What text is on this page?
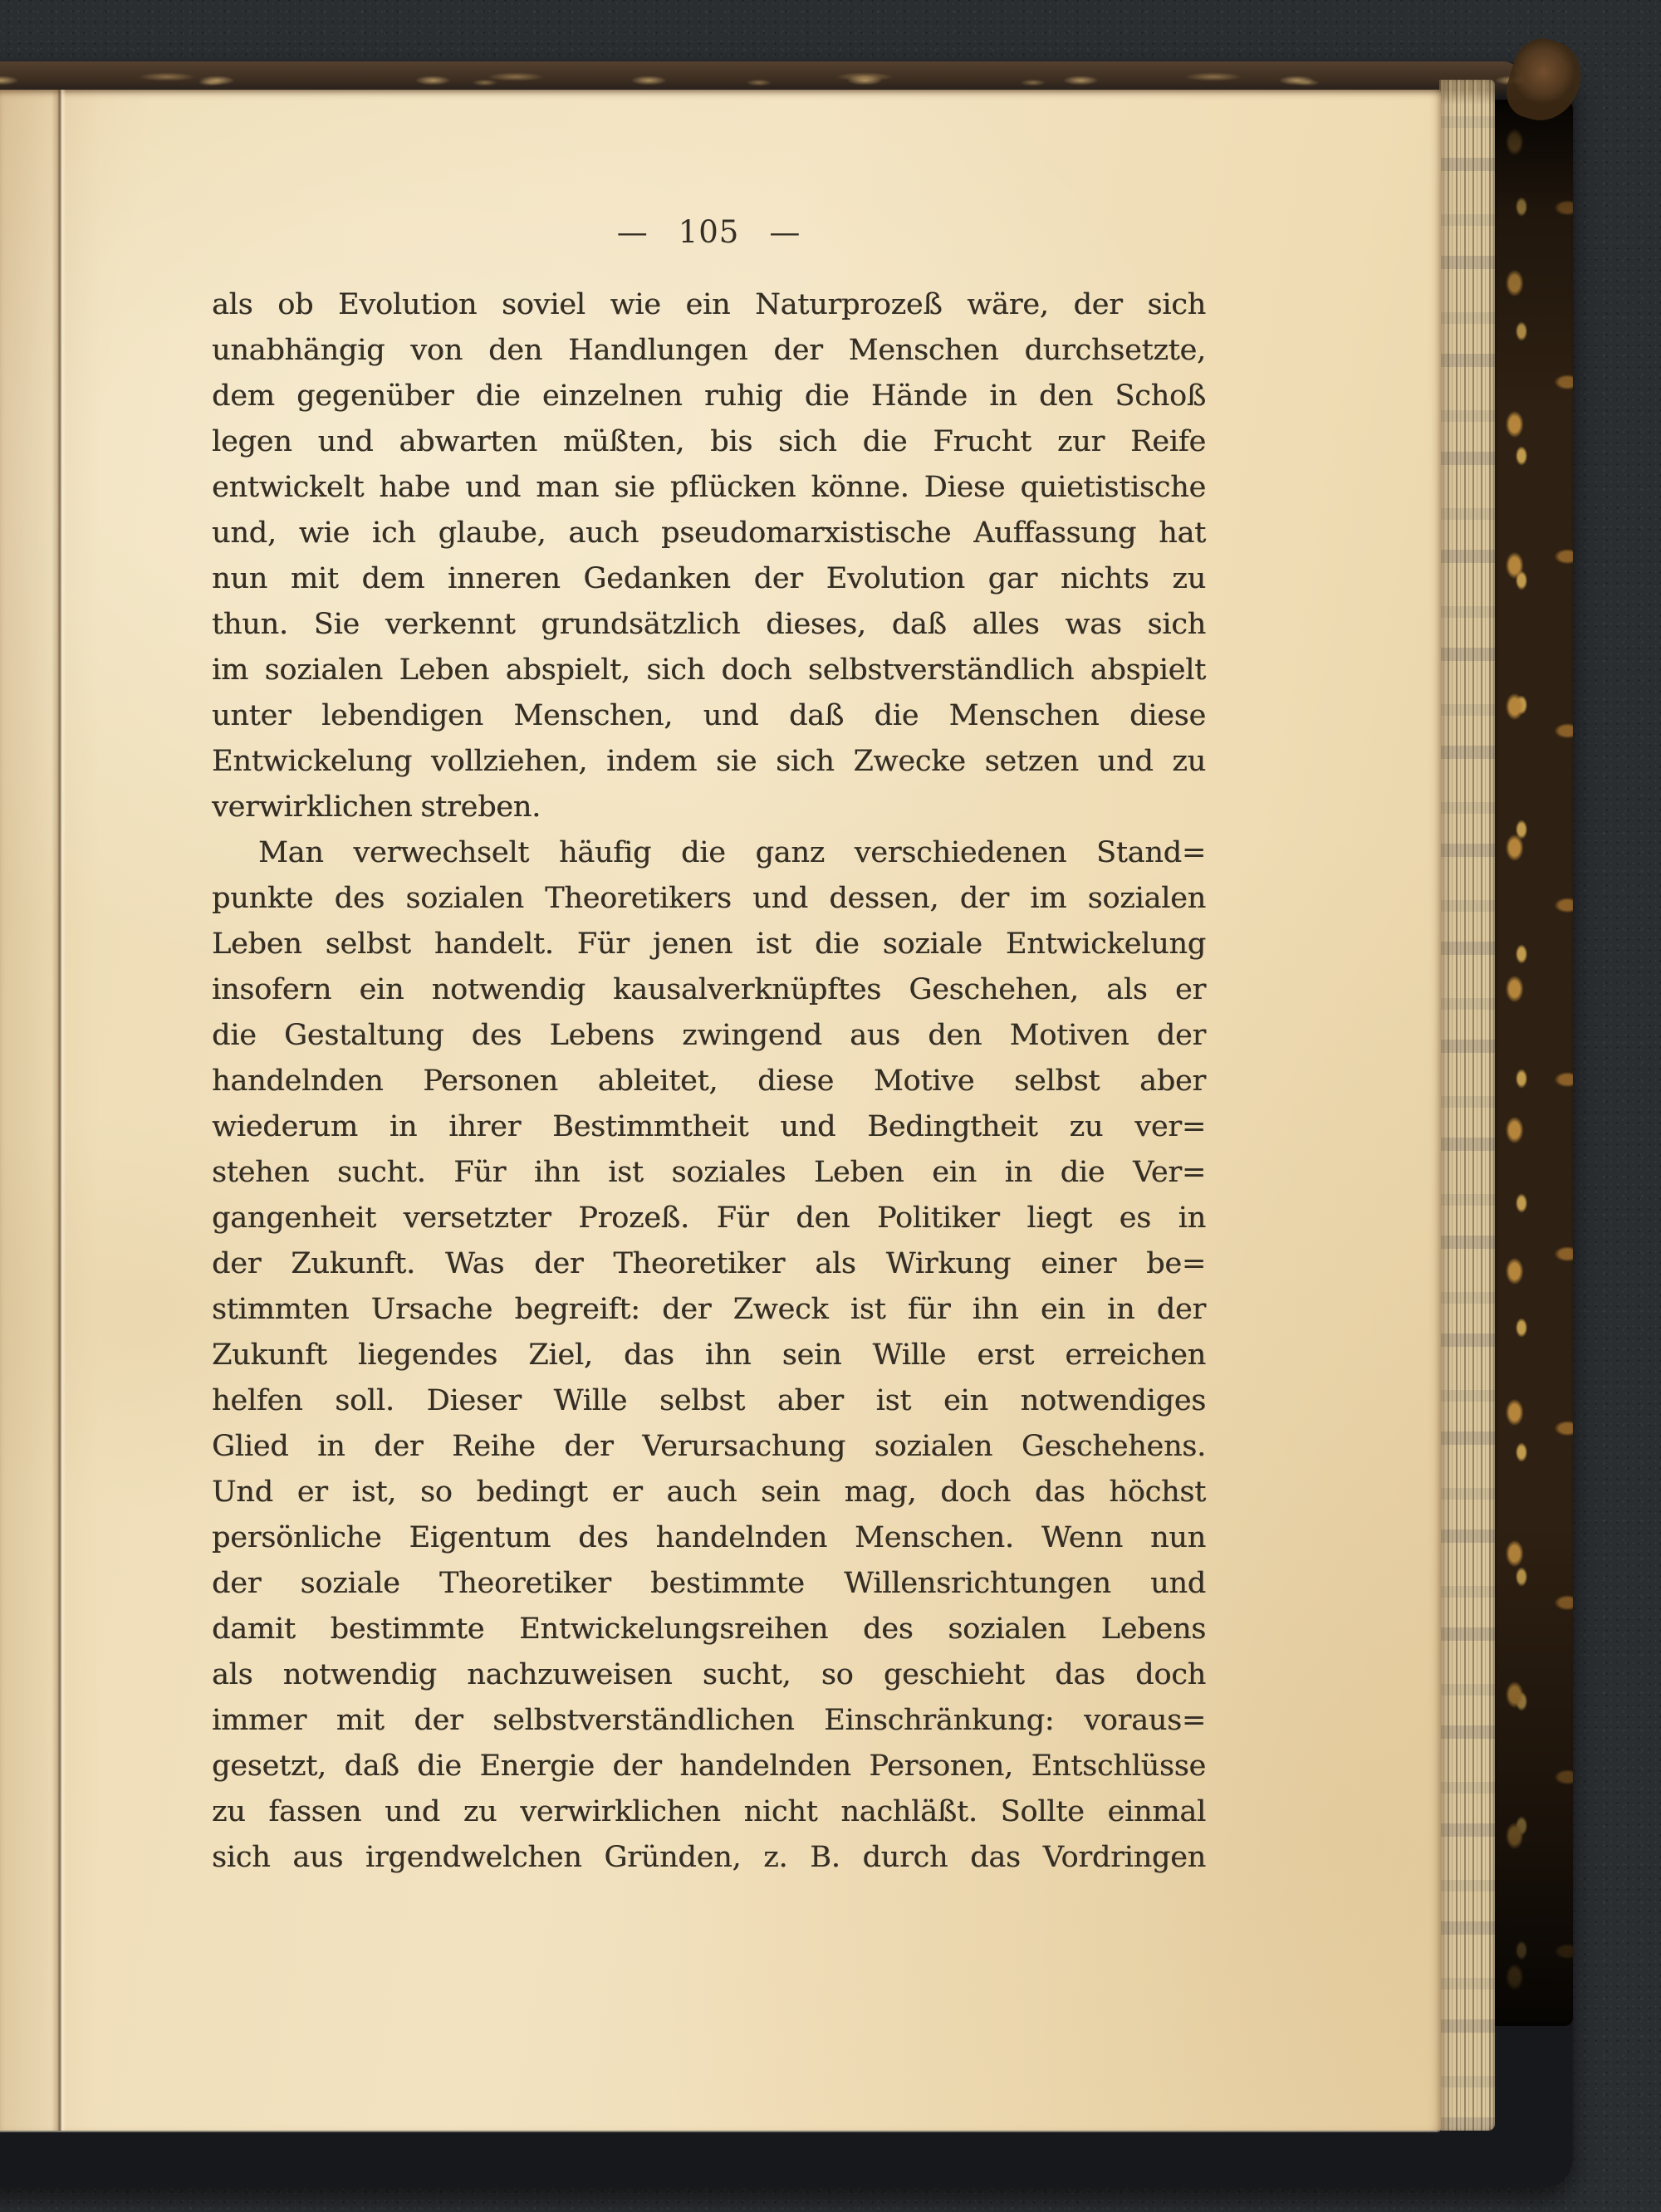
— 105 —
als ob Evolution soviel wie ein Naturprozeß wäre, der sich
unabhängig von den Handlungen der Menschen durchsetzte,
dem gegenüber die einzelnen ruhig die Hände in den Schoß
legen und abwarten müßten, bis sich die Frucht zur Reife
entwickelt habe und man sie pflücken könne. Diese quietistische
und, wie ich glaube, auch pseudomarxistische Auffassung hat
nun mit dem inneren Gedanken der Evolution gar nichts zu
thun. Sie verkennt grundsätzlich dieses, daß alles was sich
im sozialen Leben abspielt, sich doch selbstverständlich abspielt
unter lebendigen Menschen, und daß die Menschen diese
Entwickelung vollziehen, indem sie sich Zwecke setzen und zu
verwirklichen streben.
Man verwechselt häufig die ganz verschiedenen Stand=
punkte des sozialen Theoretikers und dessen, der im sozialen
Leben selbst handelt. Für jenen ist die soziale Entwickelung
insofern ein notwendig kausalverknüpftes Geschehen, als er
die Gestaltung des Lebens zwingend aus den Motiven der
handelnden Personen ableitet, diese Motive selbst aber
wiederum in ihrer Bestimmtheit und Bedingtheit zu ver=
stehen sucht. Für ihn ist soziales Leben ein in die Ver=
gangenheit versetzter Prozeß. Für den Politiker liegt es in
der Zukunft. Was der Theoretiker als Wirkung einer be=
stimmten Ursache begreift: der Zweck ist für ihn ein in der
Zukunft liegendes Ziel, das ihn sein Wille erst erreichen
helfen soll. Dieser Wille selbst aber ist ein notwendiges
Glied in der Reihe der Verursachung sozialen Geschehens.
Und er ist, so bedingt er auch sein mag, doch das höchst
persönliche Eigentum des handelnden Menschen. Wenn nun
der soziale Theoretiker bestimmte Willensrichtungen und
damit bestimmte Entwickelungsreihen des sozialen Lebens
als notwendig nachzuweisen sucht, so geschieht das doch
immer mit der selbstverständlichen Einschränkung: voraus=
gesetzt, daß die Energie der handelnden Personen, Entschlüsse
zu fassen und zu verwirklichen nicht nachläßt. Sollte einmal
sich aus irgendwelchen Gründen, z. B. durch das Vordringen
